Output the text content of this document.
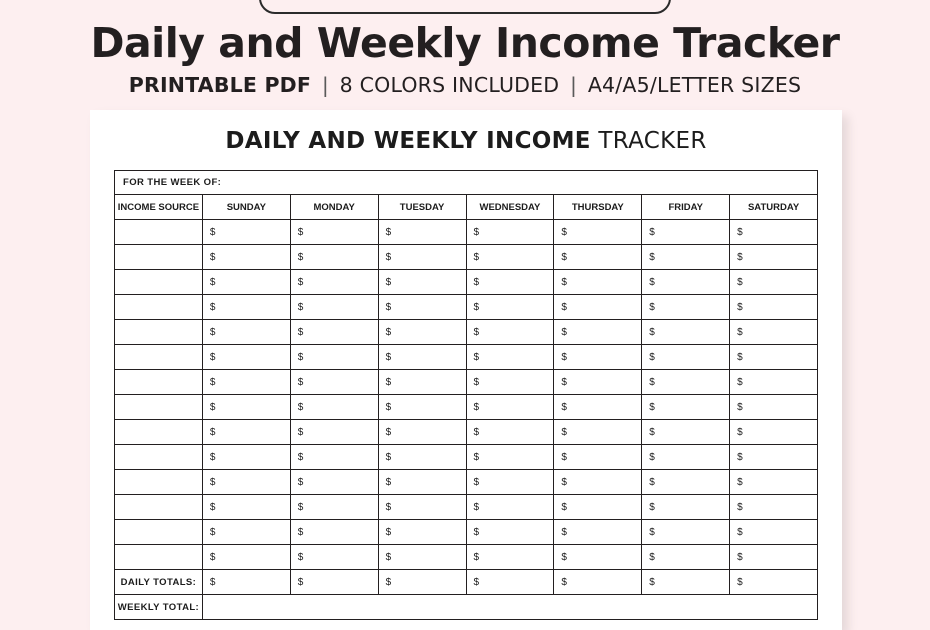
Daily and Weekly Income Tracker
PRINTABLE PDF | 8 COLORS INCLUDED | A4/A5/LETTER SIZES
DAILY AND WEEKLY INCOME TRACKER
FOR THE WEEK OF:							
INCOME SOURCE	SUNDAY	MONDAY	TUESDAY	WEDNESDAY	THURSDAY	FRIDAY	SATURDAY
	$	$	$	$	$	$	$
	$	$	$	$	$	$	$
	$	$	$	$	$	$	$
	$	$	$	$	$	$	$
	$	$	$	$	$	$	$
	$	$	$	$	$	$	$
	$	$	$	$	$	$	$
	$	$	$	$	$	$	$
	$	$	$	$	$	$	$
	$	$	$	$	$	$	$
	$	$	$	$	$	$	$
	$	$	$	$	$	$	$
	$	$	$	$	$	$	$
	$	$	$	$	$	$	$
DAILY TOTALS:	$	$	$	$	$	$	$
WEEKLY TOTAL:							
